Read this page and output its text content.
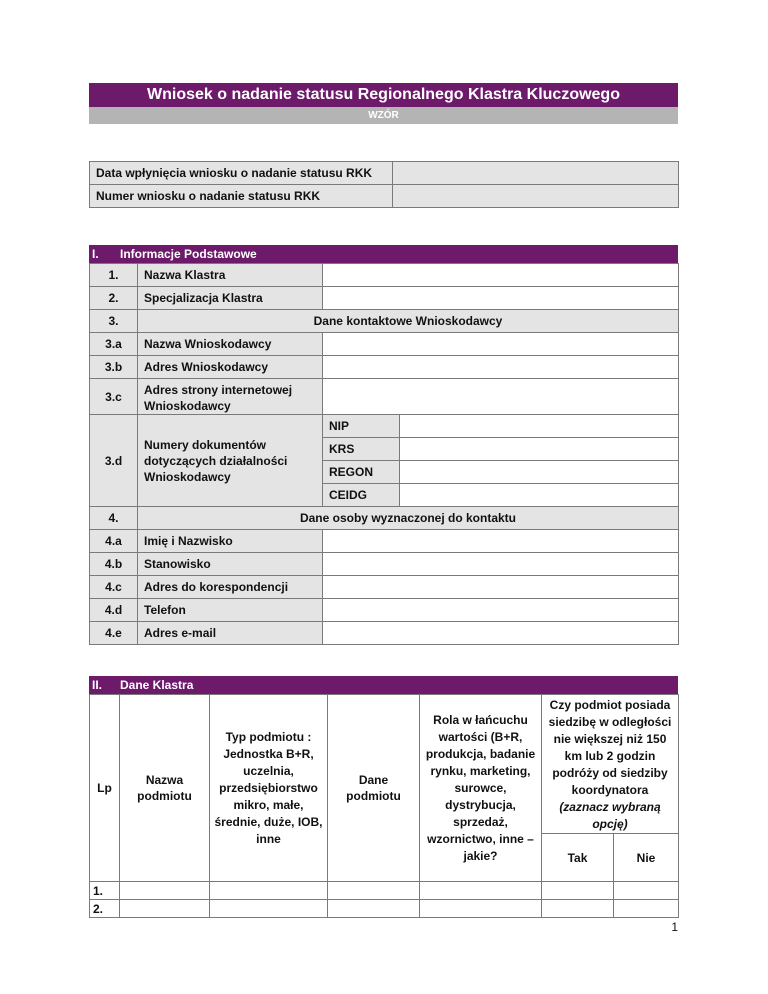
Wniosek o nadanie statusu Regionalnego Klastra Kluczowego
WZÓR
Data wpłynięcia wniosku o nadanie statusu RKK	
Numer wniosku o nadanie statusu RKK	
I.	Informacje Podstawowe
1.	Nazwa Klastra		
2.	Specjalizacja Klastra		
3.	Dane kontaktowe Wnioskodawcy		
3.a	Nazwa Wnioskodawcy		
3.b	Adres Wnioskodawcy		
3.c	Adres strony internetowej Wnioskodawcy		
3.d	Numery dokumentów dotyczących działalności Wnioskodawcy	NIP	
		KRS	
		REGON	
		CEIDG	
4.	Dane osoby wyznaczonej do kontaktu		
4.a	Imię i Nazwisko		
4.b	Stanowisko		
4.c	Adres do korespondencji		
4.d	Telefon		
4.e	Adres e-mail		
II.	Dane Klastra
Lp	Nazwa podmiotu	Typ podmiotu : Jednostka B+R, uczelnia, przedsiębiorstwo mikro, małe, średnie, duże, IOB, inne	Dane podmiotu	Rola w łańcuchu wartości (B+R, produkcja, badanie rynku, marketing, surowce, dystrybucja, sprzedaż, wzornictwo, inne – jakie?	Czy podmiot posiada siedzibę w odległości nie większej niż 150 km lub 2 godzin podróży od siedziby koordynatora
(zaznacz wybraną opcję)	
					Tak	Nie
1.						
2.						
1
